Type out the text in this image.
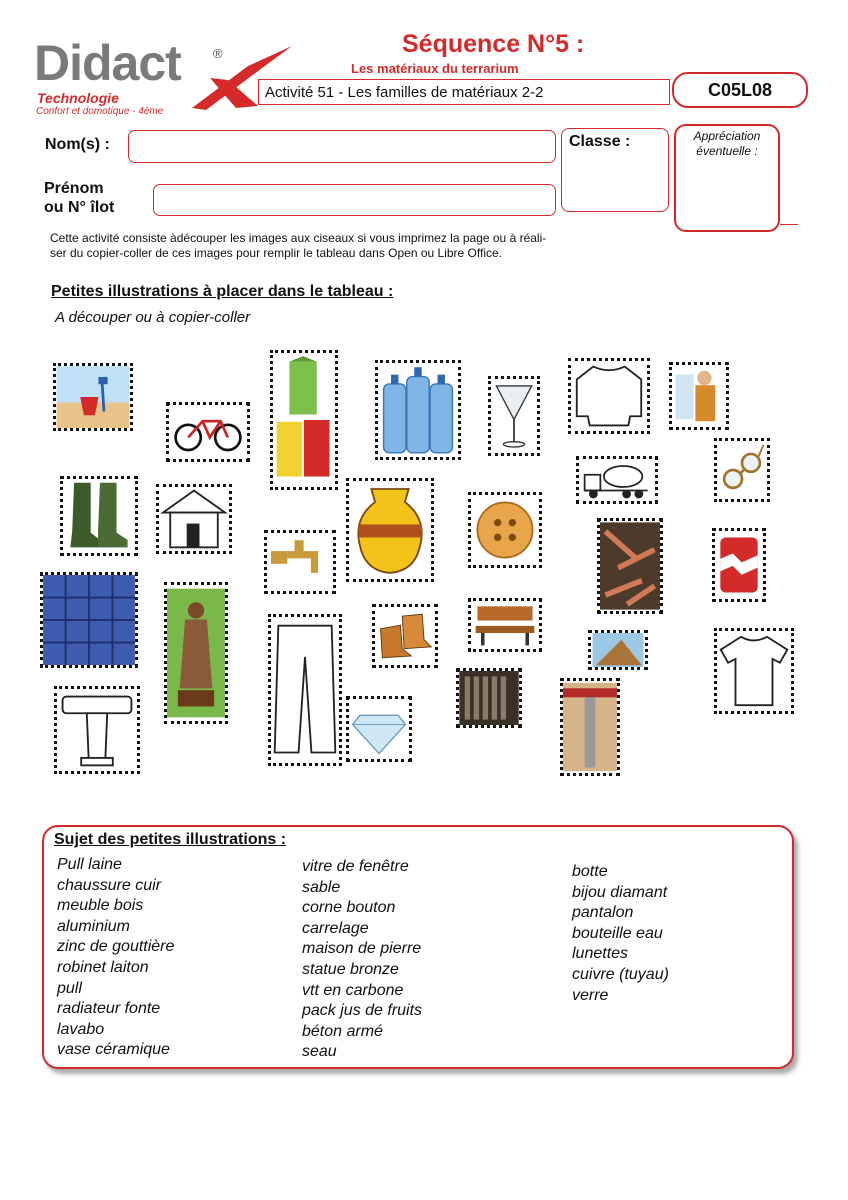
Didact ®
Technologie
Confort et domotique - 4ème
Séquence N°5 :
Les matériaux du terrarium
Activité 51 - Les familles de matériaux 2-2	C05L08
Nom(s) :
Prénom
ou N° îlot
Classe :	Appréciation
éventuelle :
Cette activité consiste àdécouper les images aux ciseaux si vous imprimez la page ou à réali-
ser du copier-coller de ces images pour remplir le tableau dans Open ou Libre Office.
Petites illustrations à placer dans le tableau :
A découper ou à copier-coller
Sujet des petites illustrations :
Pull laine
chaussure cuir
meuble bois
aluminium
zinc de gouttière
robinet laiton
pull
radiateur fonte
lavabo
vase céramique
vitre de fenêtre
sable
corne bouton
carrelage
maison de pierre
statue bronze
vtt en carbone
pack jus de fruits
béton armé
seau
botte
bijou diamant
pantalon
bouteille eau
lunettes
cuivre (tuyau)
verre
